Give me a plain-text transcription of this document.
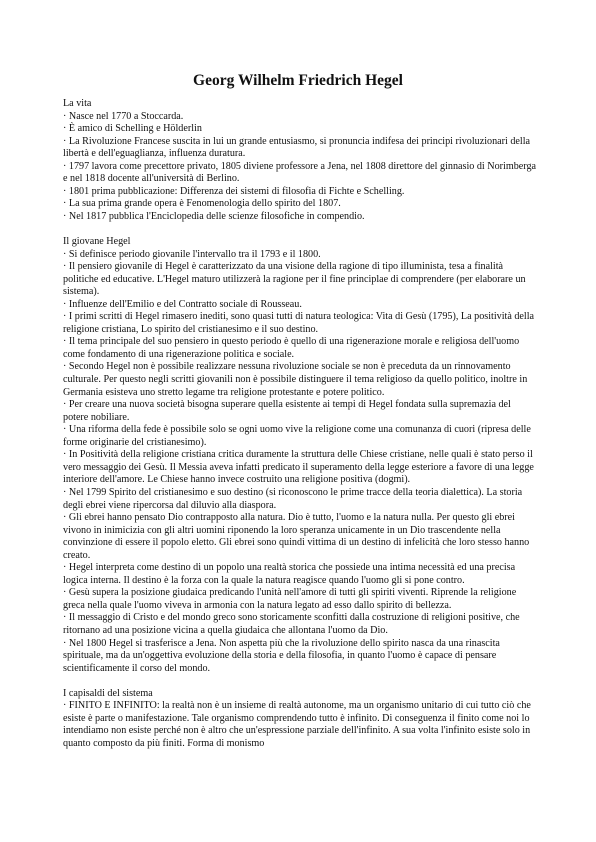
Georg Wilhelm Friedrich Hegel

La vita

· Nasce nel 1770 a Stoccarda.

· È amico di Schelling e Hölderlin

· La Rivoluzione Francese suscita in lui un grande entusiasmo, si pronuncia indifesa dei principi rivoluzionari della libertà e dell'eguaglianza, influenza duratura.

· 1797 lavora come precettore privato, 1805 diviene professore a Jena, nel 1808 direttore del ginnasio di Norimberga e nel 1818 docente all'università di Berlino.

· 1801 prima pubblicazione: Differenza dei sistemi di filosofia di Fichte e Schelling.

· La sua prima grande opera è Fenomenologia dello spirito del 1807.

· Nel 1817 pubblica l'Enciclopedia delle scienze filosofiche in compendio.

Il giovane Hegel

· Si definisce periodo giovanile l'intervallo tra il 1793 e il 1800.

· Il pensiero giovanile di Hegel è caratterizzato da una visione della ragione di tipo illuminista, tesa a finalità politiche ed educative. L'Hegel maturo utilizzerà la ragione per il fine principlae di comprendere (per elaborare un sistema).

· Influenze dell'Emilio e del Contratto sociale di Rousseau.

· I primi scritti di Hegel rimasero inediti, sono quasi tutti di natura teologica: Vita di Gesù (1795), La positività della religione cristiana, Lo spirito del cristianesimo e il suo destino.

· Il tema principale del suo pensiero in questo periodo è quello di una rigenerazione morale e religiosa dell'uomo come fondamento di una rigenerazione politica e sociale.

· Secondo Hegel non è possibile realizzare nessuna rivoluzione sociale se non è preceduta da un rinnovamento culturale. Per questo negli scritti giovanili non è possibile distinguere il tema religioso da quello politico, inoltre in Germania esisteva uno stretto legame tra religione protestante e potere politico.

· Per creare una nuova società bisogna superare quella esistente ai tempi di Hegel fondata sulla supremazia del potere nobiliare.

· Una riforma della fede è possibile solo se ogni uomo vive la religione come una comunanza di cuori (ripresa delle forme originarie del cristianesimo).

· In Positività della religione cristiana critica duramente la struttura delle Chiese cristiane, nelle quali è stato perso il vero messaggio dei Gesù. Il Messia aveva infatti predicato il superamento della legge esteriore a favore di una legge interiore dell'amore. Le Chiese hanno invece costruito una religione positiva (dogmi).

· Nel 1799 Spirito del cristianesimo e suo destino (si riconoscono le prime tracce della teoria dialettica). La storia degli ebrei viene ripercorsa dal diluvio alla diaspora.

· Gli ebrei hanno pensato Dio contrapposto alla natura. Dio è tutto, l'uomo e la natura nulla. Per questo gli ebrei vivono in inimicizia con gli altri uomini riponendo la loro speranza unicamente in un Dio trascendente nella convinzione di essere il popolo eletto. Gli ebrei sono quindi vittima di un destino di infelicità che loro stesso hanno creato.

· Hegel interpreta come destino di un popolo una realtà storica che possiede una intima necessità ed una precisa logica interna. Il destino è la forza con la quale la natura reagisce quando l'uomo gli si pone contro.

· Gesù supera la posizione giudaica predicando l'unità nell'amore di tutti gli spiriti viventi. Riprende la religione greca nella quale l'uomo viveva in armonia con la natura legato ad esso dallo spirito di bellezza.

· Il messaggio di Cristo e del mondo greco sono storicamente sconfitti dalla costruzione di religioni positive, che ritornano ad una posizione vicina a quella giudaica che allontana l'uomo da Dio.

· Nel 1800 Hegel si trasferisce a Jena. Non aspetta più che la rivoluzione dello spirito nasca da una rinascita spirituale, ma da un'oggettiva evoluzione della storia e della filosofia, in quanto l'uomo è capace di pensare scientificamente il corso del mondo.

I capisaldi del sistema

· FINITO E INFINITO: la realtà non è un insieme di realtà autonome, ma un organismo unitario di cui tutto ciò che esiste è parte o manifestazione. Tale organismo comprendendo tutto è infinito. Di conseguenza il finito come noi lo intendiamo non esiste perché non è altro che un'espressione parziale dell'infinito. A sua volta l'infinito esiste solo in quanto composto da più finiti. Forma di monismo
